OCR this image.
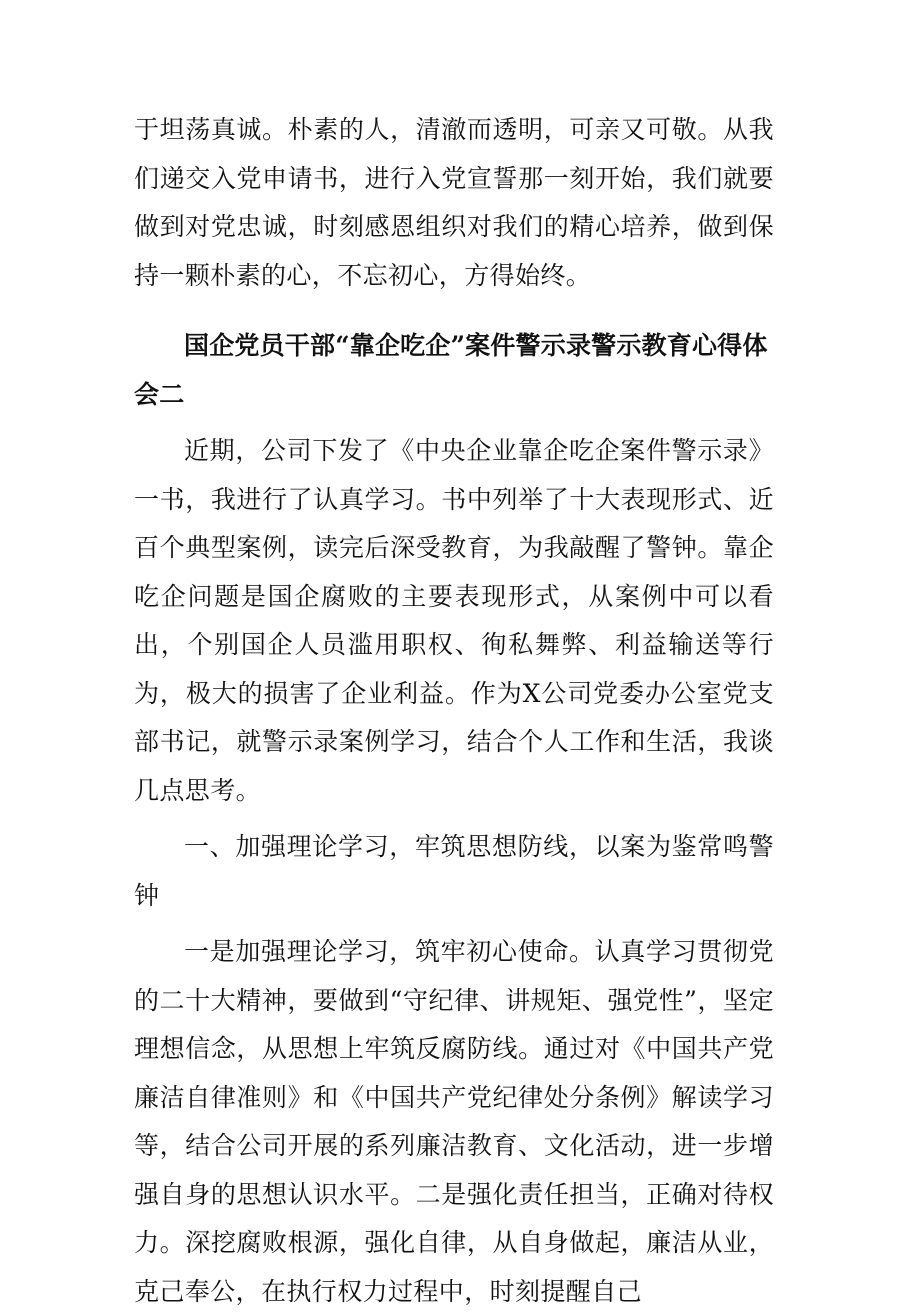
于坦荡真诚。朴素的人，清澈而透明，可亲又可敬。从我们递交入党申请书，进行入党宣誓那一刻开始，我们就要做到对党忠诚，时刻感恩组织对我们的精心培养，做到保持一颗朴素的心，不忘初心，方得始终。

国企党员干部“靠企吃企”案件警示录警示教育心得体会二

近期，公司下发了《中央企业靠企吃企案件警示录》一书，我进行了认真学习。书中列举了十大表现形式、近百个典型案例，读完后深受教育，为我敲醒了警钟。靠企吃企问题是国企腐败的主要表现形式，从案例中可以看出，个别国企人员滥用职权、徇私舞弊、利益输送等行为，极大的损害了企业利益。作为X公司党委办公室党支部书记，就警示录案例学习，结合个人工作和生活，我谈几点思考。

一、加强理论学习，牢筑思想防线，以案为鉴常鸣警钟

一是加强理论学习，筑牢初心使命。认真学习贯彻党的二十大精神，要做到“守纪律、讲规矩、强党性”，坚定理想信念，从思想上牢筑反腐防线。通过对《中国共产党廉洁自律准则》和《中国共产党纪律处分条例》解读学习等，结合公司开展的系列廉洁教育、文化活动，进一步增强自身的思想认识水平。二是强化责任担当，正确对待权力。深挖腐败根源，强化自律，从自身做起，廉洁从业，克己奉公，在执行权力过程中，时刻提醒自己
